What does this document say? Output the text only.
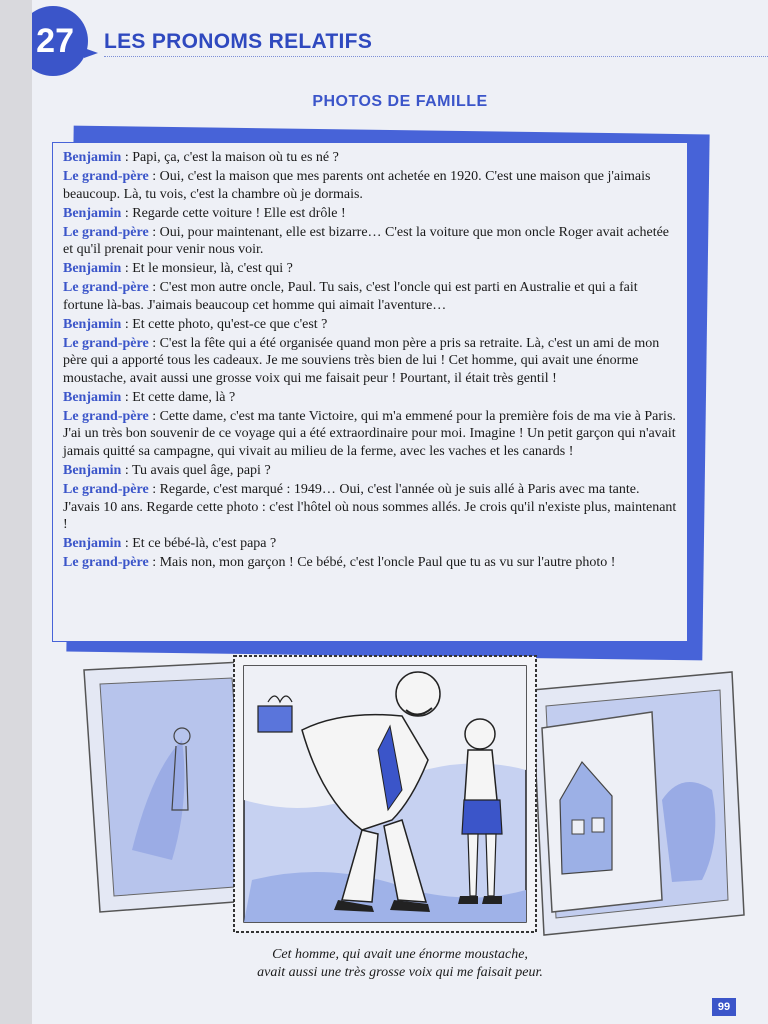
27	LES PRONOMS RELATIFS
PHOTOS DE FAMILLE

Benjamin : Papi, ça, c'est la maison où tu es né ?

Le grand-père : Oui, c'est la maison que mes parents ont achetée en 1920. C'est une maison que j'aimais beaucoup. Là, tu vois, c'est la chambre où je dormais.

Benjamin : Regarde cette voiture ! Elle est drôle !

Le grand-père : Oui, pour maintenant, elle est bizarre… C'est la voiture que mon oncle Roger avait achetée et qu'il prenait pour venir nous voir.

Benjamin : Et le monsieur, là, c'est qui ?

Le grand-père : C'est mon autre oncle, Paul. Tu sais, c'est l'oncle qui est parti en Australie et qui a fait fortune là-bas. J'aimais beaucoup cet homme qui aimait l'aventure…

Benjamin : Et cette photo, qu'est-ce que c'est ?

Le grand-père : C'est la fête qui a été organisée quand mon père a pris sa retraite. Là, c'est un ami de mon père qui a apporté tous les cadeaux. Je me souviens très bien de lui ! Cet homme, qui avait une énorme moustache, avait aussi une grosse voix qui me faisait peur ! Pourtant, il était très gentil !

Benjamin : Et cette dame, là ?

Le grand-père : Cette dame, c'est ma tante Victoire, qui m'a emmené pour la première fois de ma vie à Paris. J'ai un très bon souvenir de ce voyage qui a été extraordinaire pour moi. Imagine ! Un petit garçon qui n'avait jamais quitté sa campagne, qui vivait au milieu de la ferme, avec les vaches et les canards !

Benjamin : Tu avais quel âge, papi ?

Le grand-père : Regarde, c'est marqué : 1949… Oui, c'est l'année où je suis allé à Paris avec ma tante. J'avais 10 ans. Regarde cette photo : c'est l'hôtel où nous sommes allés. Je crois qu'il n'existe plus, maintenant !

Benjamin : Et ce bébé-là, c'est papa ?

Le grand-père : Mais non, mon garçon ! Ce bébé, c'est l'oncle Paul que tu as vu sur l'autre photo !

Cet homme, qui avait une énorme moustache,
avait aussi une très grosse voix qui me faisait peur.
99
